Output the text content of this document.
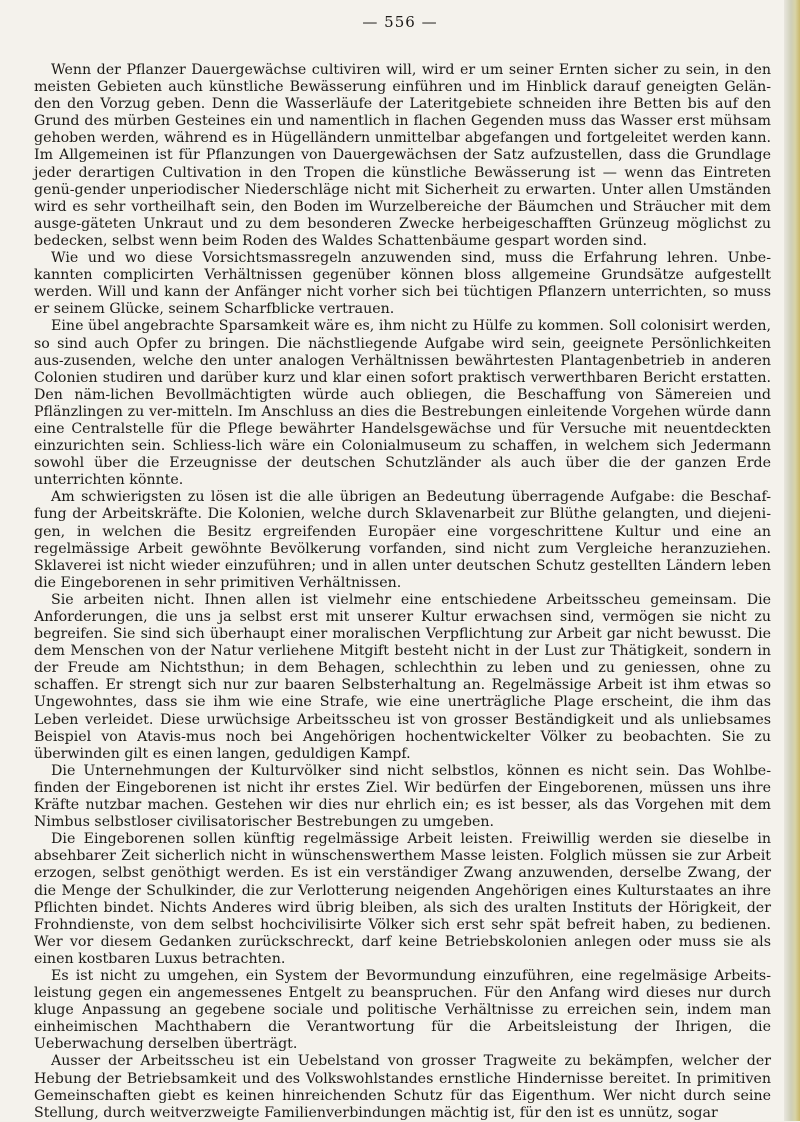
— 556 —

Wenn der Pflanzer Dauergewächse cultiviren will, wird er um seiner Ernten sicher zu sein, in den meisten Gebieten auch künstliche Bewässerung einführen und im Hinblick darauf geneigten Gelän-den den Vorzug geben. Denn die Wasserläufe der Lateritgebiete schneiden ihre Betten bis auf den Grund des mürben Gesteines ein und namentlich in flachen Gegenden muss das Wasser erst mühsam gehoben werden, während es in Hügelländern unmittelbar abgefangen und fortgeleitet werden kann. Im Allgemeinen ist für Pflanzungen von Dauergewächsen der Satz aufzustellen, dass die Grundlage jeder derartigen Cultivation in den Tropen die künstliche Bewässerung ist — wenn das Eintreten genü-gender unperiodischer Niederschläge nicht mit Sicherheit zu erwarten. Unter allen Umständen wird es sehr vortheilhaft sein, den Boden im Wurzelbereiche der Bäumchen und Sträucher mit dem ausge-gäteten Unkraut und zu dem besonderen Zwecke herbeigeschafften Grünzeug möglichst zu bedecken, selbst wenn beim Roden des Waldes Schattenbäume gespart worden sind.

Wie und wo diese Vorsichtsmassregeln anzuwenden sind, muss die Erfahrung lehren. Unbe-kannten complicirten Verhältnissen gegenüber können bloss allgemeine Grundsätze aufgestellt werden. Will und kann der Anfänger nicht vorher sich bei tüchtigen Pflanzern unterrichten, so muss er seinem Glücke, seinem Scharfblicke vertrauen.

Eine übel angebrachte Sparsamkeit wäre es, ihm nicht zu Hülfe zu kommen. Soll colonisirt werden, so sind auch Opfer zu bringen. Die nächstliegende Aufgabe wird sein, geeignete Persönlichkeiten aus-zusenden, welche den unter analogen Verhältnissen bewährtesten Plantagenbetrieb in anderen Colonien studiren und darüber kurz und klar einen sofort praktisch verwerthbaren Bericht erstatten. Den näm-lichen Bevollmächtigten würde auch obliegen, die Beschaffung von Sämereien und Pflänzlingen zu ver-mitteln. Im Anschluss an dies die Bestrebungen einleitende Vorgehen würde dann eine Centralstelle für die Pflege bewährter Handelsgewächse und für Versuche mit neuentdeckten einzurichten sein. Schliess-lich wäre ein Colonialmuseum zu schaffen, in welchem sich Jedermann sowohl über die Erzeugnisse der deutschen Schutzländer als auch über die der ganzen Erde unterrichten könnte.

Am schwierigsten zu lösen ist die alle übrigen an Bedeutung überragende Aufgabe: die Beschaf-fung der Arbeitskräfte. Die Kolonien, welche durch Sklavenarbeit zur Blüthe gelangten, und diejeni-gen, in welchen die Besitz ergreifenden Europäer eine vorgeschrittene Kultur und eine an regelmässige Arbeit gewöhnte Bevölkerung vorfanden, sind nicht zum Vergleiche heranzuziehen. Sklaverei ist nicht wieder einzuführen; und in allen unter deutschen Schutz gestellten Ländern leben die Eingeborenen in sehr primitiven Verhältnissen.

Sie arbeiten nicht. Ihnen allen ist vielmehr eine entschiedene Arbeitsscheu gemeinsam. Die Anforderungen, die uns ja selbst erst mit unserer Kultur erwachsen sind, vermögen sie nicht zu begreifen. Sie sind sich überhaupt einer moralischen Verpflichtung zur Arbeit gar nicht bewusst. Die dem Menschen von der Natur verliehene Mitgift besteht nicht in der Lust zur Thätigkeit, sondern in der Freude am Nichtsthun; in dem Behagen, schlechthin zu leben und zu geniessen, ohne zu schaffen. Er strengt sich nur zur baaren Selbsterhaltung an. Regelmässige Arbeit ist ihm etwas so Ungewohntes, dass sie ihm wie eine Strafe, wie eine unerträgliche Plage erscheint, die ihm das Leben verleidet. Diese urwüchsige Arbeitsscheu ist von grosser Beständigkeit und als unliebsames Beispiel von Atavis-mus noch bei Angehörigen hochentwickelter Völker zu beobachten. Sie zu überwinden gilt es einen langen, geduldigen Kampf.

Die Unternehmungen der Kulturvölker sind nicht selbstlos, können es nicht sein. Das Wohlbe-finden der Eingeborenen ist nicht ihr erstes Ziel. Wir bedürfen der Eingeborenen, müssen uns ihre Kräfte nutzbar machen. Gestehen wir dies nur ehrlich ein; es ist besser, als das Vorgehen mit dem Nimbus selbstloser civilisatorischer Bestrebungen zu umgeben.

Die Eingeborenen sollen künftig regelmässige Arbeit leisten. Freiwillig werden sie dieselbe in absehbarer Zeit sicherlich nicht in wünschenswerthem Masse leisten. Folglich müssen sie zur Arbeit erzogen, selbst genöthigt werden. Es ist ein verständiger Zwang anzuwenden, derselbe Zwang, der die Menge der Schulkinder, die zur Verlotterung neigenden Angehörigen eines Kulturstaates an ihre Pflichten bindet. Nichts Anderes wird übrig bleiben, als sich des uralten Instituts der Hörigkeit, der Frohndienste, von dem selbst hochcivilisirte Völker sich erst sehr spät befreit haben, zu bedienen. Wer vor diesem Gedanken zurückschreckt, darf keine Betriebskolonien anlegen oder muss sie als einen kostbaren Luxus betrachten.

Es ist nicht zu umgehen, ein System der Bevormundung einzuführen, eine regelmäsige Arbeits-leistung gegen ein angemessenes Entgelt zu beanspruchen. Für den Anfang wird dieses nur durch kluge Anpassung an gegebene sociale und politische Verhältnisse zu erreichen sein, indem man einheimischen Machthabern die Verantwortung für die Arbeitsleistung der Ihrigen, die Ueberwachung derselben überträgt.

Ausser der Arbeitsscheu ist ein Uebelstand von grosser Tragweite zu bekämpfen, welcher der Hebung der Betriebsamkeit und des Volkswohlstandes ernstliche Hindernisse bereitet. In primitiven Gemeinschaften giebt es keinen hinreichenden Schutz für das Eigenthum. Wer nicht durch seine Stellung, durch weitverzweigte Familienverbindungen mächtig ist, für den ist es unnütz, sogar
